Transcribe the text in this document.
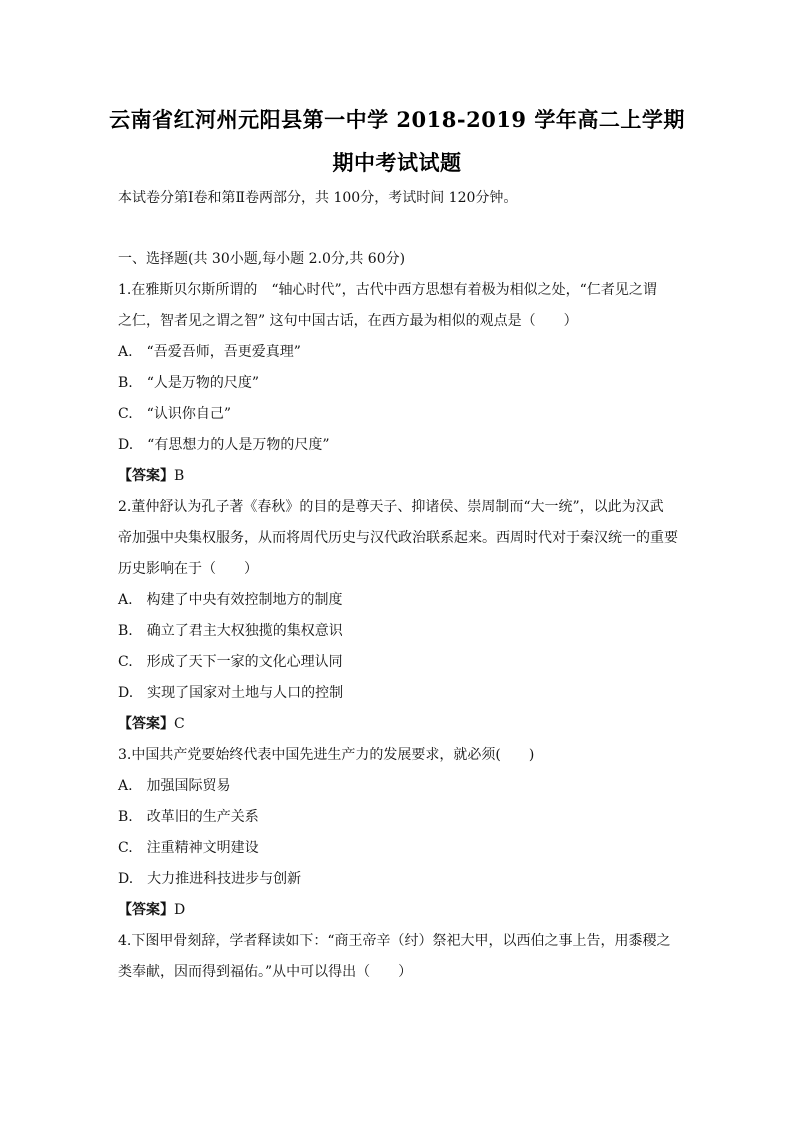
云南省红河州元阳县第一中学 2018-2019 学年高二上学期
期中考试试题
本试卷分第Ⅰ卷和第Ⅱ卷两部分，共 100分，考试时间 120分钟。
一、选择题(共 30小题,每小题 2.0分,共 60分)
1.在雅斯贝尔斯所谓的　“轴心时代”，古代中西方思想有着极为相似之处，“仁者见之谓
之仁，智者见之谓之智” 这句中国古话，在西方最为相似的观点是（　　）
A.　“吾爱吾师，吾更爱真理”
B.　“人是万物的尺度”
C.　“认识你自己”
D.　“有思想力的人是万物的尺度”
【答案】B
2.董仲舒认为孔子著《春秋》的目的是尊天子、抑诸侯、崇周制而“大一统”，以此为汉武
帝加强中央集权服务，从而将周代历史与汉代政治联系起来。西周时代对于秦汉统一的重要
历史影响在于（　　）
A.　构建了中央有效控制地方的制度
B.　确立了君主大权独揽的集权意识
C.　形成了天下一家的文化心理认同
D.　实现了国家对土地与人口的控制
【答案】C
3.中国共产党要始终代表中国先进生产力的发展要求，就必须(　　)
A.　加强国际贸易
B.　改革旧的生产关系
C.　注重精神文明建设
D.　大力推进科技进步与创新
【答案】D
4.下图甲骨刻辞，学者释读如下：“商王帝辛（纣）祭祀大甲，以西伯之事上告，用黍稷之
类奉献，因而得到福佑。”从中可以得出（　　）
